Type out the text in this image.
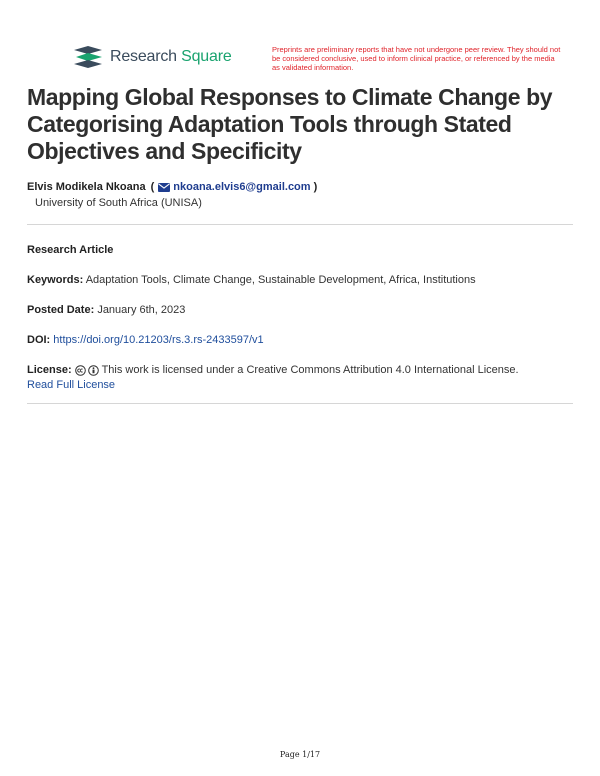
Research Square	Preprints are preliminary reports that have not undergone peer review. They should not be considered conclusive, used to inform clinical practice, or referenced by the media as validated information.
Mapping Global Responses to Climate Change by Categorising Adaptation Tools through Stated Objectives and Specificity
Elvis Modikela Nkoana ( nkoana.elvis6@gmail.com )
University of South Africa (UNISA)
Research Article
Keywords: Adaptation Tools, Climate Change, Sustainable Development, Africa, Institutions
Posted Date: January 6th, 2023
DOI: https://doi.org/10.21203/rs.3.rs-2433597/v1
License:	This work is licensed under a Creative Commons Attribution 4.0 International License.
Read Full License
Page 1/17
